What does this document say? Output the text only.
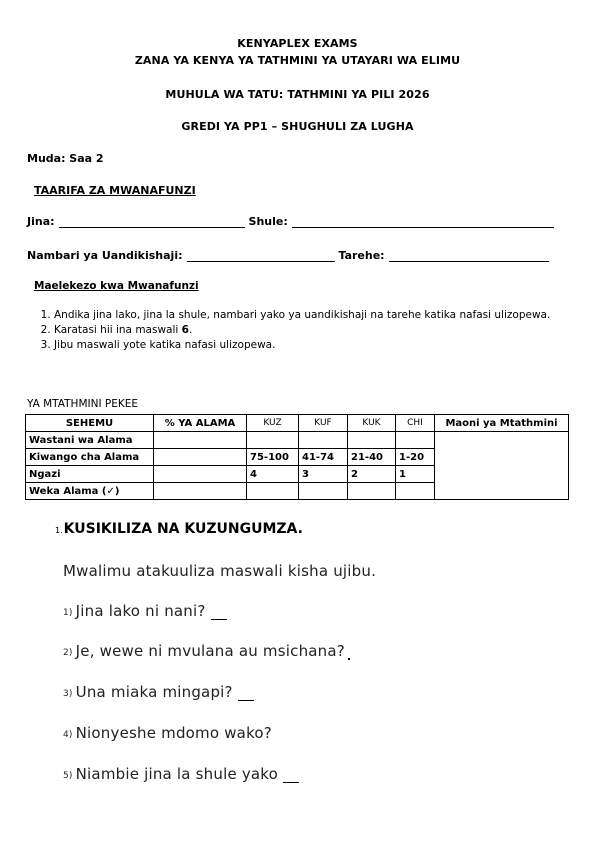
KENYAPLEX EXAMS
ZANA YA KENYA YA TATHMINI YA UTAYARI WA ELIMU
MUHULA WA TATU: TATHMINI YA PILI 2026
GREDI YA PP1 – SHUGHULI ZA LUGHA
Muda: Saa 2
TAARIFA ZA MWANAFUNZI
Jina:	Shule:
Nambari ya Uandikishaji:	Tarehe:
Maelekezo kwa Mwanafunzi
1. Andika jina lako, jina la shule, nambari yako ya uandikishaji na tarehe katika nafasi ulizopewa.
2. Karatasi hii ina maswali 6.
3. Jibu maswali yote katika nafasi ulizopewa.
YA MTATHMINI PEKEE
SEHEMU	% YA ALAMA	KUZ	KUF	KUK	CHI	Maoni ya Mtathmini
Wastani wa Alama						
Kiwango cha Alama		75-100	41-74	21-40	1-20	
Ngazi		4	3	2	1	
Weka Alama (✓)						
1.KUSIKILIZA NA KUZUNGUMZA.
Mwalimu atakuuliza maswali kisha ujibu.
1) Jina lako ni nani?
2) Je, wewe ni mvulana au msichana?
3) Una miaka mingapi?
4) Nionyeshe mdomo wako?
5) Niambie jina la shule yako
